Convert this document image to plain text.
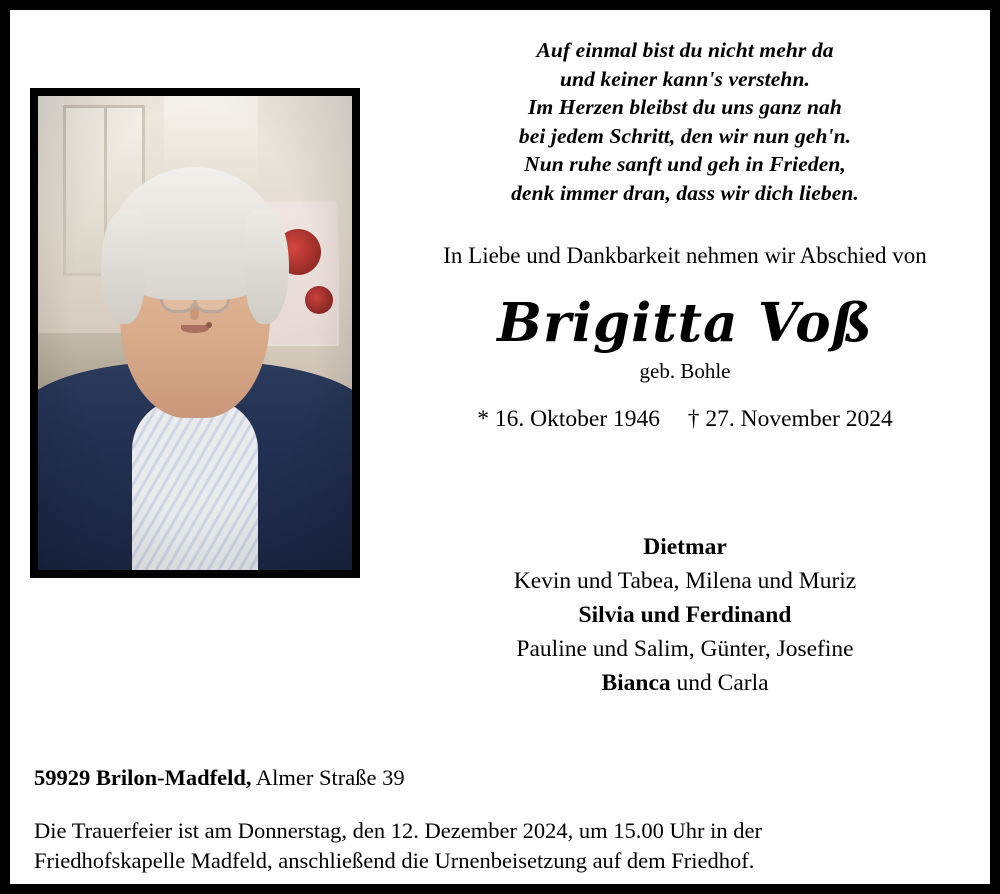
Auf einmal bist du nicht mehr da
und keiner kann's verstehn.
Im Herzen bleibst du uns ganz nah
bei jedem Schritt, den wir nun geh'n.
Nun ruhe sanft und geh in Frieden,
denk immer dran, dass wir dich lieben.
In Liebe und Dankbarkeit nehmen wir Abschied von
Brigitta Voß
geb. Bohle
* 16. Oktober 1946 † 27. November 2024
Dietmar
Kevin und Tabea, Milena und Muriz
Silvia und Ferdinand
Pauline und Salim, Günter, Josefine
Bianca und Carla
59929 Brilon-Madfeld, Almer Straße 39
Die Trauerfeier ist am Donnerstag, den 12. Dezember 2024, um 15.00 Uhr in der
Friedhofskapelle Madfeld, anschließend die Urnenbeisetzung auf dem Friedhof.
